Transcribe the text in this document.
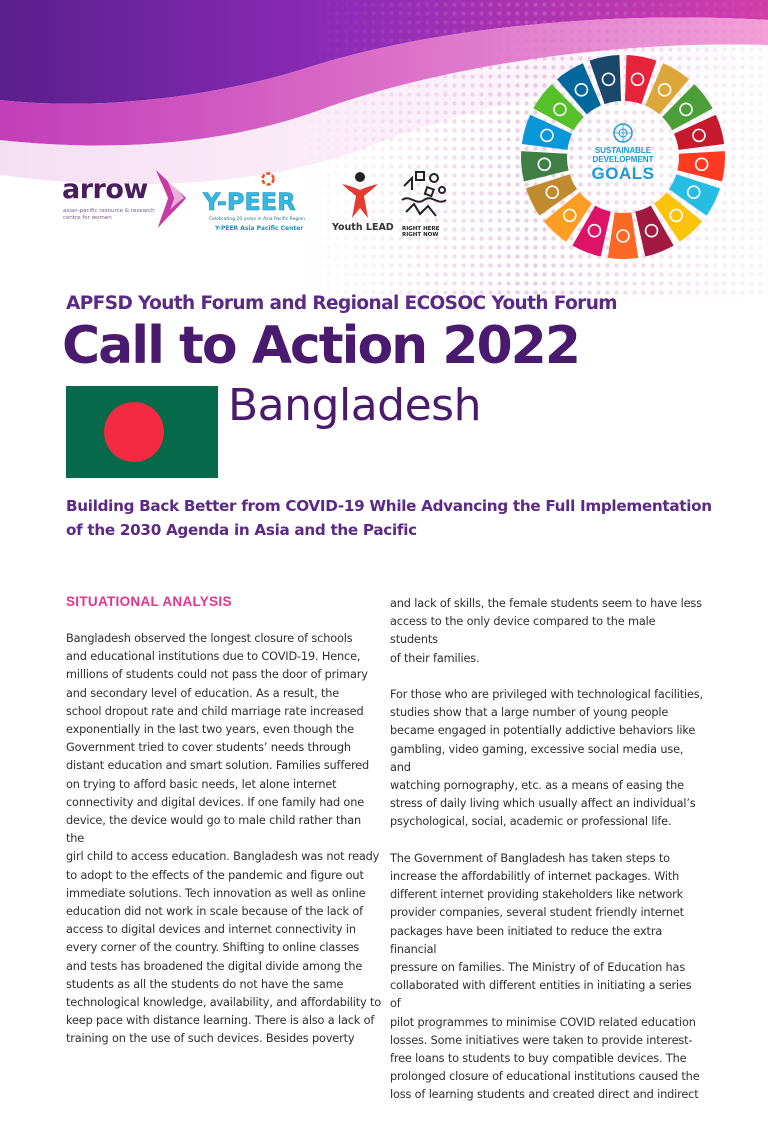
arrow
asian-pacific resource & research centre for women
Y-PEER
Celebrating 20 years in Asia Pacific Region
Y-PEER Asia Pacific Center	Youth LEAD RIGHT HERE RIGHT NOW
SUSTAINABLE
DEVELOPMENT
GOALS
APFSD Youth Forum and Regional ECOSOC Youth Forum
Call to Action 2022
Bangladesh
Building Back Better from COVID-19 While Advancing the Full Implementation of the 2030 Agenda in Asia and the Pacific
SITUATIONAL ANALYSIS

Bangladesh observed the longest closure of schools
and educational institutions due to COVID-19. Hence,
millions of students could not pass the door of primary
and secondary level of education. As a result, the
school dropout rate and child marriage rate increased
exponentially in the last two years, even though the
Government tried to cover students’ needs through
distant education and smart solution. Families suffered
on trying to afford basic needs, let alone internet
connectivity and digital devices. If one family had one
device, the device would go to male child rather than the
girl child to access education. Bangladesh was not ready
to adopt to the effects of the pandemic and figure out
immediate solutions. Tech innovation as well as online
education did not work in scale because of the lack of
access to digital devices and internet connectivity in
every corner of the country. Shifting to online classes
and tests has broadened the digital divide among the
students as all the students do not have the same
technological knowledge, availability, and affordability to
keep pace with distance learning. There is also a lack of
training on the use of such devices. Besides poverty

and lack of skills, the female students seem to have less
access to the only device compared to the male students
of their families.

For those who are privileged with technological facilities,
studies show that a large number of young people
became engaged in potentially addictive behaviors like
gambling, video gaming, excessive social media use, and
watching pornography, etc. as a means of easing the
stress of daily living which usually affect an individual’s
psychological, social, academic or professional life.

The Government of Bangladesh has taken steps to
increase the affordabilitly of internet packages. With
different internet providing stakeholders like network
provider companies, several student friendly internet
packages have been initiated to reduce the extra financial
pressure on families. The Ministry of of Education has
collaborated with different entities in initiating a series of
pilot programmes to minimise COVID related education
losses. Some initiatives were taken to provide interest-
free loans to students to buy compatible devices. The
prolonged closure of educational institutions caused the
loss of learning students and created direct and indirect
